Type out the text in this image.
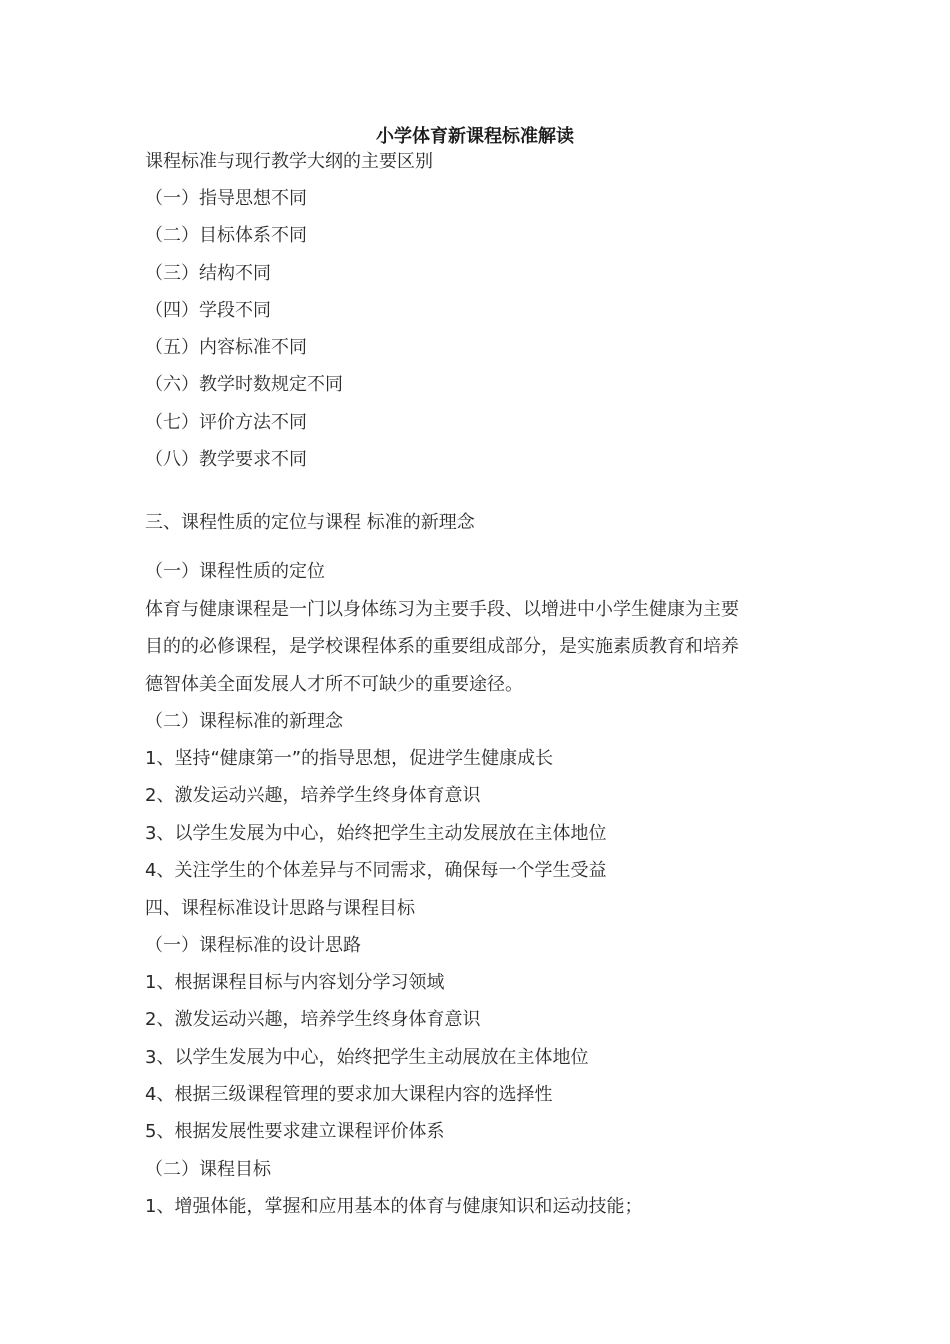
小学体育新课程标准解读
课程标准与现行教学大纲的主要区别
（一）指导思想不同
（二）目标体系不同
（三）结构不同
（四）学段不同
（五）内容标准不同
（六）教学时数规定不同
（七）评价方法不同
（八）教学要求不同
三、课程性质的定位与课程 标准的新理念
（一）课程性质的定位
体育与健康课程是一门以身体练习为主要手段、以增进中小学生健康为主要
目的的必修课程，是学校课程体系的重要组成部分，是实施素质教育和培养
德智体美全面发展人才所不可缺少的重要途径。
（二）课程标准的新理念
1、坚持“健康第一”的指导思想，促进学生健康成长
2、激发运动兴趣，培养学生终身体育意识
3、以学生发展为中心，始终把学生主动发展放在主体地位
4、关注学生的个体差异与不同需求，确保每一个学生受益
四、课程标准设计思路与课程目标
（一）课程标准的设计思路
1、根据课程目标与内容划分学习领域
2、激发运动兴趣，培养学生终身体育意识
3、以学生发展为中心，始终把学生主动展放在主体地位
4、根据三级课程管理的要求加大课程内容的选择性
5、根据发展性要求建立课程评价体系
（二）课程目标
1、增强体能，掌握和应用基本的体育与健康知识和运动技能；
